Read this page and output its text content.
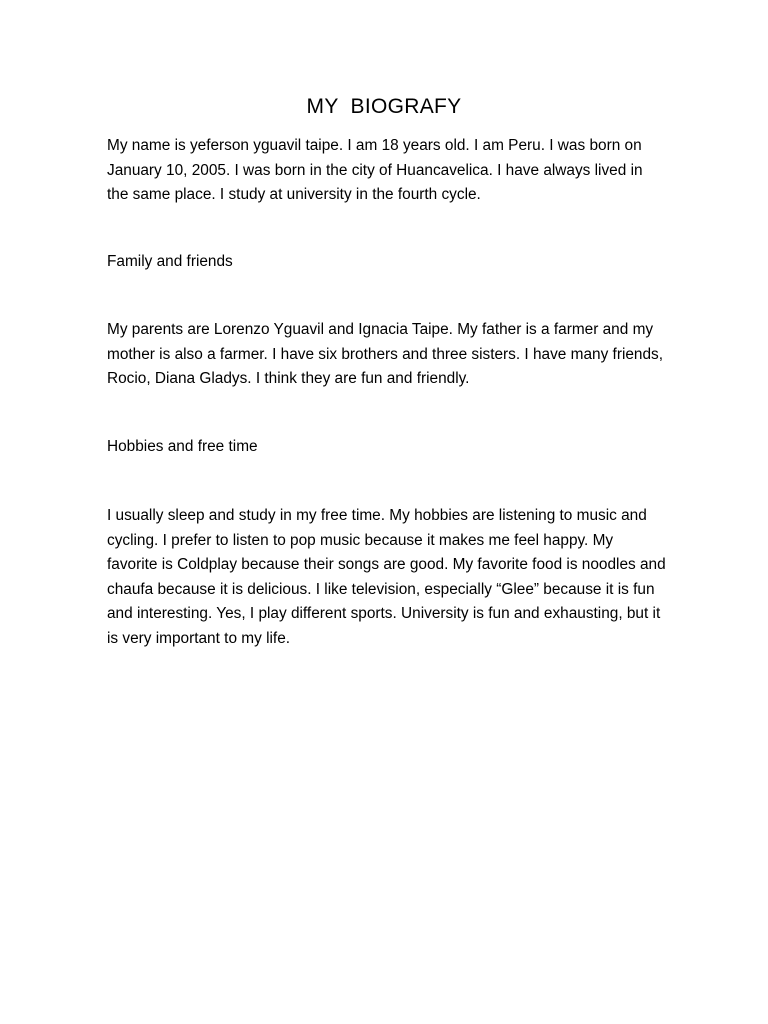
MY  BIOGRAFY

My name is yeferson yguavil taipe. I am 18 years old. I am Peru. I was born on January 10, 2005. I was born in the city of Huancavelica. I have always lived in the same place. I study at university in the fourth cycle.

Family and friends

My parents are Lorenzo Yguavil and Ignacia Taipe. My father is a farmer and my mother is also a farmer. I have six brothers and three sisters. I have many friends, Rocio, Diana Gladys. I think they are fun and friendly.

Hobbies and free time

I usually sleep and study in my free time. My hobbies are listening to music and cycling. I prefer to listen to pop music because it makes me feel happy. My favorite is Coldplay because their songs are good. My favorite food is noodles and chaufa because it is delicious. I like television, especially “Glee” because it is fun and interesting. Yes, I play different sports. University is fun and exhausting, but it is very important to my life.
